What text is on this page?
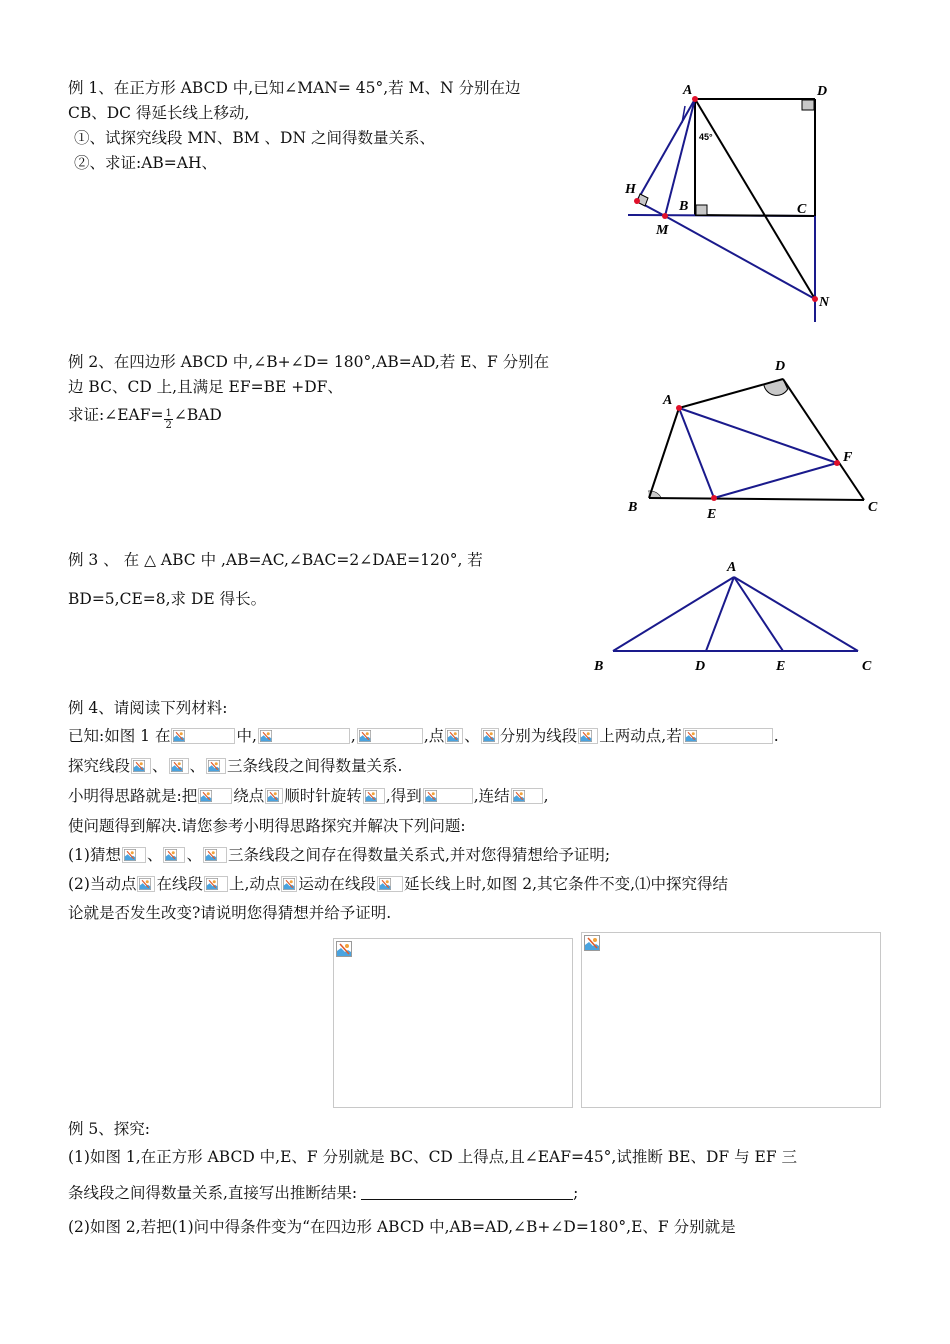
例 1、在正方形 ABCD 中,已知∠MAN= 45°,若 M、N 分别在边
CB、DC 得延长线上移动,
①、试探究线段 MN、BM 、DN 之间得数量关系、
②、求证:AB=AH、
45°
A	D
H
B	C
M
N
例 2、在四边形 ABCD 中,∠B+∠D= 180°,AB=AD,若 E、F 分别在
边 BC、CD 上,且满足 EF=BE +DF、
求证:∠EAF= $\frac{1}{2}$ ∠BAD
A
D
B	E
F
C
例 3 、 在 △ ABC 中 ,AB=AC,∠BAC=2∠DAE=120°, 若
BD=5,CE=8,求 DE 得长。
A
B	D	E	C
例 4、请阅读下列材料:
已知:如图 1 在	中,	,	,点 、 分别为线段 上两动点,若	.
探究线段 、 、 三条线段之间得数量关系.
小明得思路就是:把 绕点 顺时针旋转 ,得到	,连结 ,
使问题得到解决.请您参考小明得思路探究并解决下列问题:
(1)猜想 、 、 三条线段之间存在得数量关系式,并对您得猜想给予证明;
(2)当动点 在线段 上,动点 运动在线段 延长线上时,如图 2,其它条件不变,⑴中探究得结
论就是否发生改变?请说明您得猜想并给予证明.
例 5、探究:
(1)如图 1,在正方形 ABCD 中,E、F 分别就是 BC、CD 上得点,且∠EAF=45°,试推断 BE、DF 与 EF 三
条线段之间得数量关系,直接写出推断结果:	;
(2)如图 2,若把(1)问中得条件变为“在四边形 ABCD 中,AB=AD,∠B+∠D=180°,E、F 分别就是
